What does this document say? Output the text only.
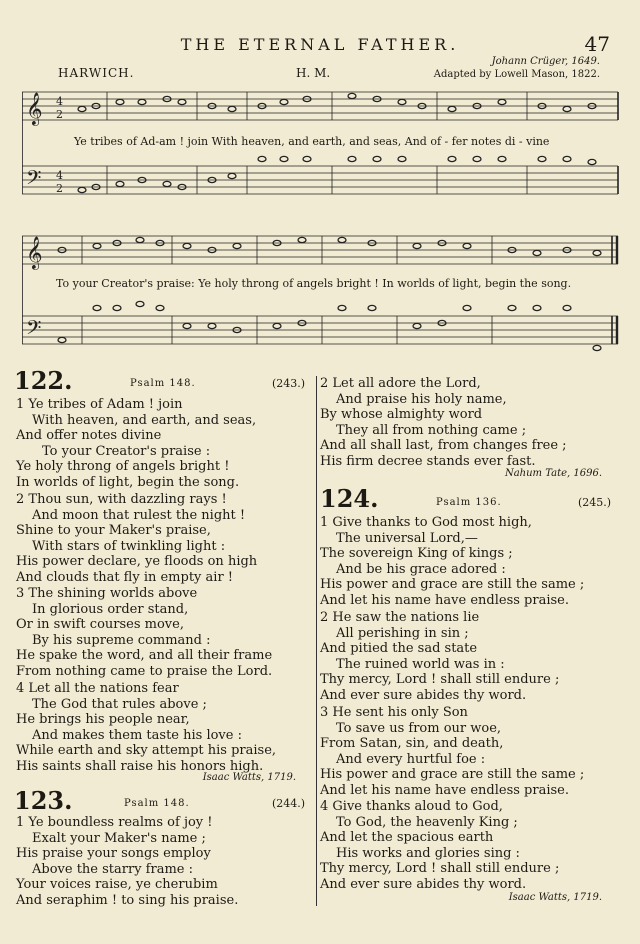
THE ETERNAL FATHER.	47
Johann Crüger, 1649.
Adapted by Lowell Mason, 1822.
HARWICH.	H. M.
𝄞
𝄢
4
2
4
2
Ye tribes of Ad-am ! join With heaven, and earth, and seas, And of - fer notes di - vine
𝄞
𝄢
To your Creator's praise: Ye holy throng of angels bright ! In worlds of light, begin the song.
122.	Psalm 148.	(243.)
1 Ye tribes of Adam ! join
With heaven, and earth, and seas,
And offer notes divine
To your Creator's praise :
Ye holy throng of angels bright !
In worlds of light, begin the song.
2 Thou sun, with dazzling rays !
And moon that rulest the night !
Shine to your Maker's praise,
With stars of twinkling light :
His power declare, ye floods on high
And clouds that fly in empty air !
3 The shining worlds above
In glorious order stand,
Or in swift courses move,
By his supreme command :
He spake the word, and all their frame
From nothing came to praise the Lord.
4 Let all the nations fear
The God that rules above ;
He brings his people near,
And makes them taste his love :
While earth and sky attempt his praise,
His saints shall raise his honors high.
Isaac Watts, 1719.
123.	Psalm 148.	(244.)
1 Ye boundless realms of joy !
Exalt your Maker's name ;
His praise your songs employ
Above the starry frame :
Your voices raise, ye cherubim
And seraphim ! to sing his praise.
2 Let all adore the Lord,
And praise his holy name,
By whose almighty word
They all from nothing came ;
And all shall last, from changes free ;
His firm decree stands ever fast.
Nahum Tate, 1696.
124.	Psalm 136.	(245.)
1 Give thanks to God most high,
The universal Lord,—
The sovereign King of kings ;
And be his grace adored :
His power and grace are still the same ;
And let his name have endless praise.
2 He saw the nations lie
All perishing in sin ;
And pitied the sad state
The ruined world was in :
Thy mercy, Lord ! shall still endure ;
And ever sure abides thy word.
3 He sent his only Son
To save us from our woe,
From Satan, sin, and death,
And every hurtful foe :
His power and grace are still the same ;
And let his name have endless praise.
4 Give thanks aloud to God,
To God, the heavenly King ;
And let the spacious earth
His works and glories sing :
Thy mercy, Lord ! shall still endure ;
And ever sure abides thy word.
Isaac Watts, 1719.
